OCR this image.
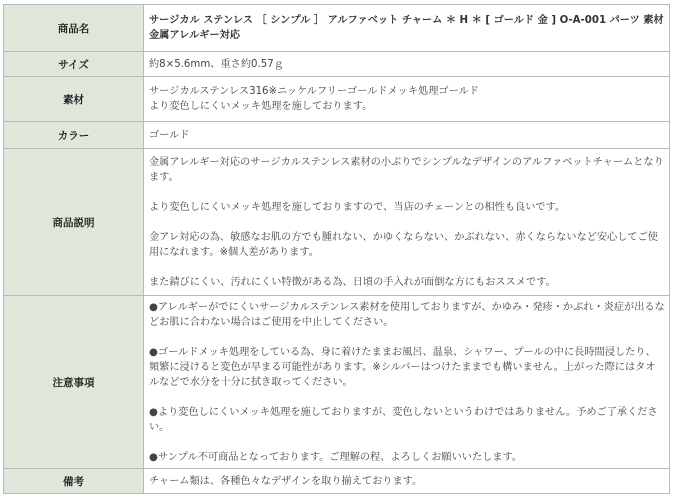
商品名	サージカル ステンレス ［ シンプル ］ アルファベット チャーム ＊ H ＊ [ ゴールド 金 ] O-A-001 パーツ 素材 金属アレルギー対応
サイズ	約8×5.6mm、重さ約0.57ｇ
素材	サージカルステンレス316※ニッケルフリーゴールドメッキ処理ゴールド

より変色しにくいメッキ処理を施しております。

カラー	ゴールド
商品説明	金属アレルギー対応のサージカルステンレス素材の小ぶりでシンプルなデザインのアルファベットチャームとなります。

より変色しにくいメッキ処理を施しておりますので、当店のチェーンとの相性も良いです。

金アレ対応の為、敏感なお肌の方でも腫れない、かゆくならない、かぶれない、赤くならないなど安心してご使用になれます。※個人差があります。

また錆びにくい、汚れにくい特徴がある為、日頃の手入れが面倒な方にもおススメです。

注意事項	●アレルギーがでにくいサージカルステンレス素材を使用しておりますが、かゆみ・発疹・かぶれ・炎症が出るなどお肌に合わない場合はご使用を中止してください。

●ゴールドメッキ処理をしている為、身に着けたままお風呂、温泉、シャワー、プールの中に長時間浸したり、頻繁に浸けると変色が早まる可能性があります。※シルバーはつけたままでも構いません。上がった際にはタオルなどで水分を十分に拭き取ってください。

●より変色しにくいメッキ処理を施しておりますが、変色しないというわけではありません。予めご了承ください。

●サンプル不可商品となっております。ご理解の程、よろしくお願いいたします。

備考	チャーム類は、各種色々なデザインを取り揃えております。
